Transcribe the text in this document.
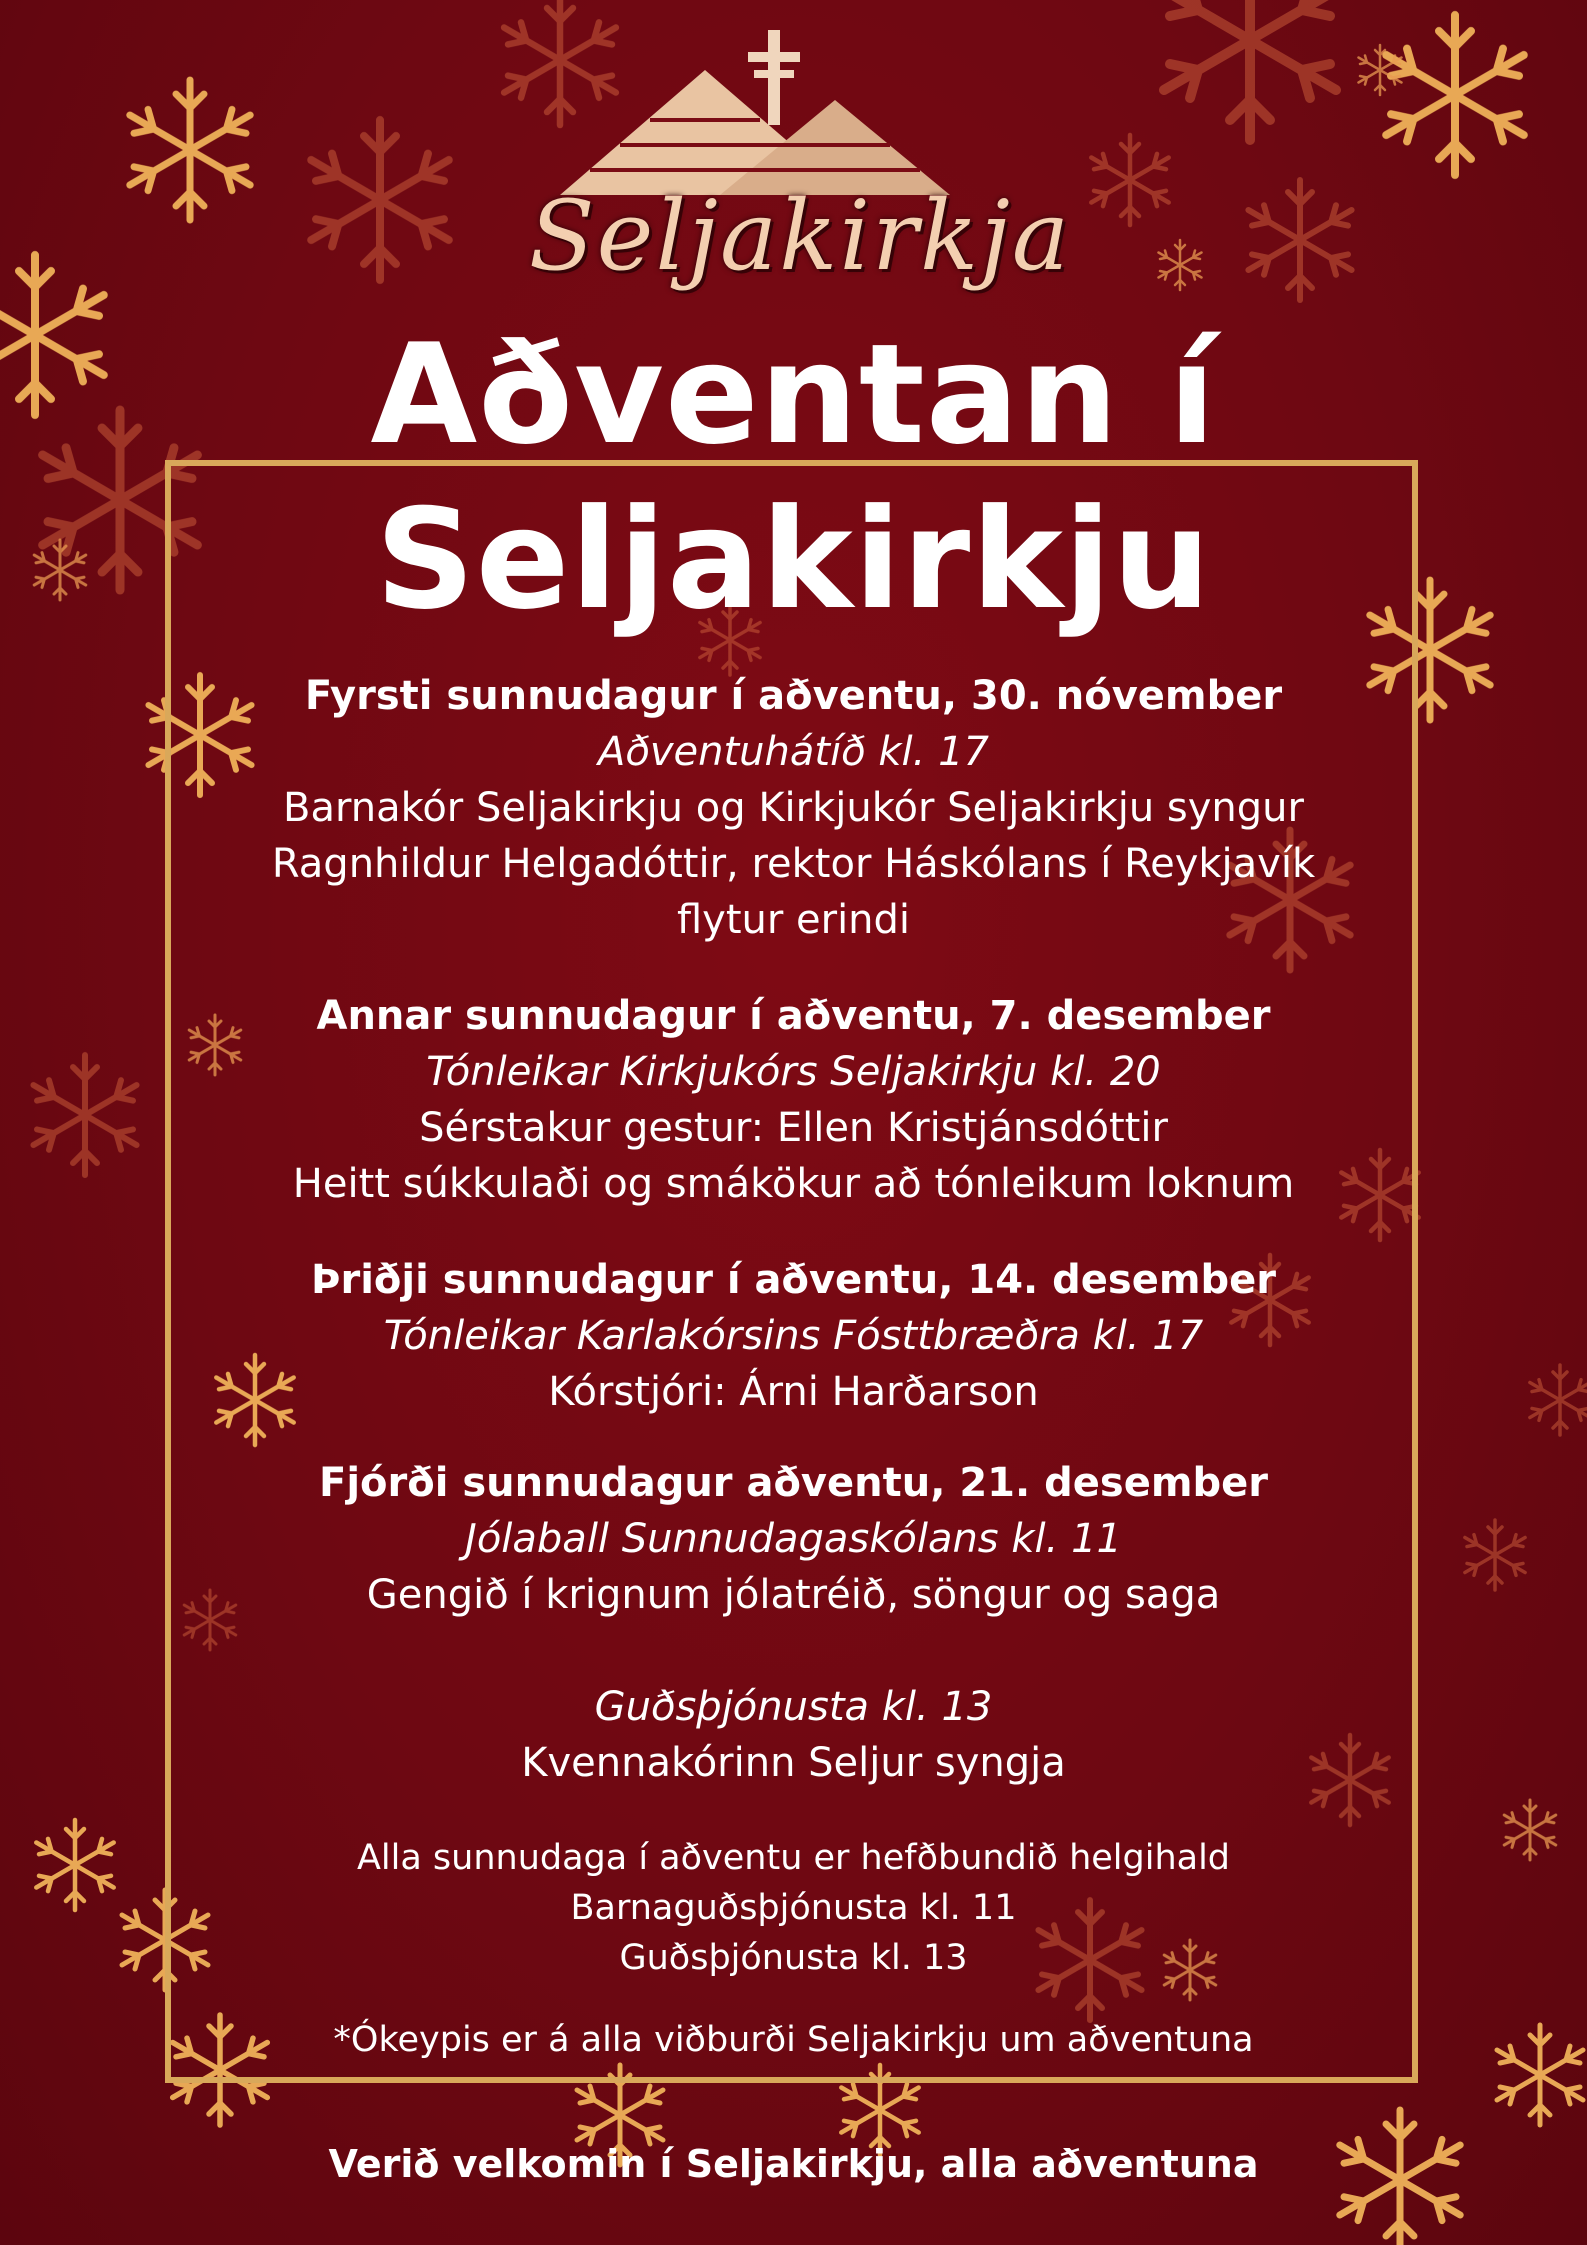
Seljakirkja
Aðventan í
Seljakirkju
Fyrsti sunnudagur í aðventu, 30. nóvember
Aðventuhátíð kl. 17
Barnakór Seljakirkju og Kirkjukór Seljakirkju syngur
Ragnhildur Helgadóttir, rektor Háskólans í Reykjavík
flytur erindi
Annar sunnudagur í aðventu, 7. desember
Tónleikar Kirkjukórs Seljakirkju kl. 20
Sérstakur gestur: Ellen Kristjánsdóttir
Heitt súkkulaði og smákökur að tónleikum loknum
Þriðji sunnudagur í aðventu, 14. desember
Tónleikar Karlakórsins Fósttbræðra kl. 17
Kórstjóri: Árni Harðarson
Fjórði sunnudagur aðventu, 21. desember
Jólaball Sunnudagaskólans kl. 11
Gengið í krignum jólatréið, söngur og saga
Guðsþjónusta kl. 13
Kvennakórinn Seljur syngja
Alla sunnudaga í aðventu er hefðbundið helgihald
Barnaguðsþjónusta kl. 11
Guðsþjónusta kl. 13
*Ókeypis er á alla viðburði Seljakirkju um aðventuna
Verið velkomin í Seljakirkju, alla aðventuna
